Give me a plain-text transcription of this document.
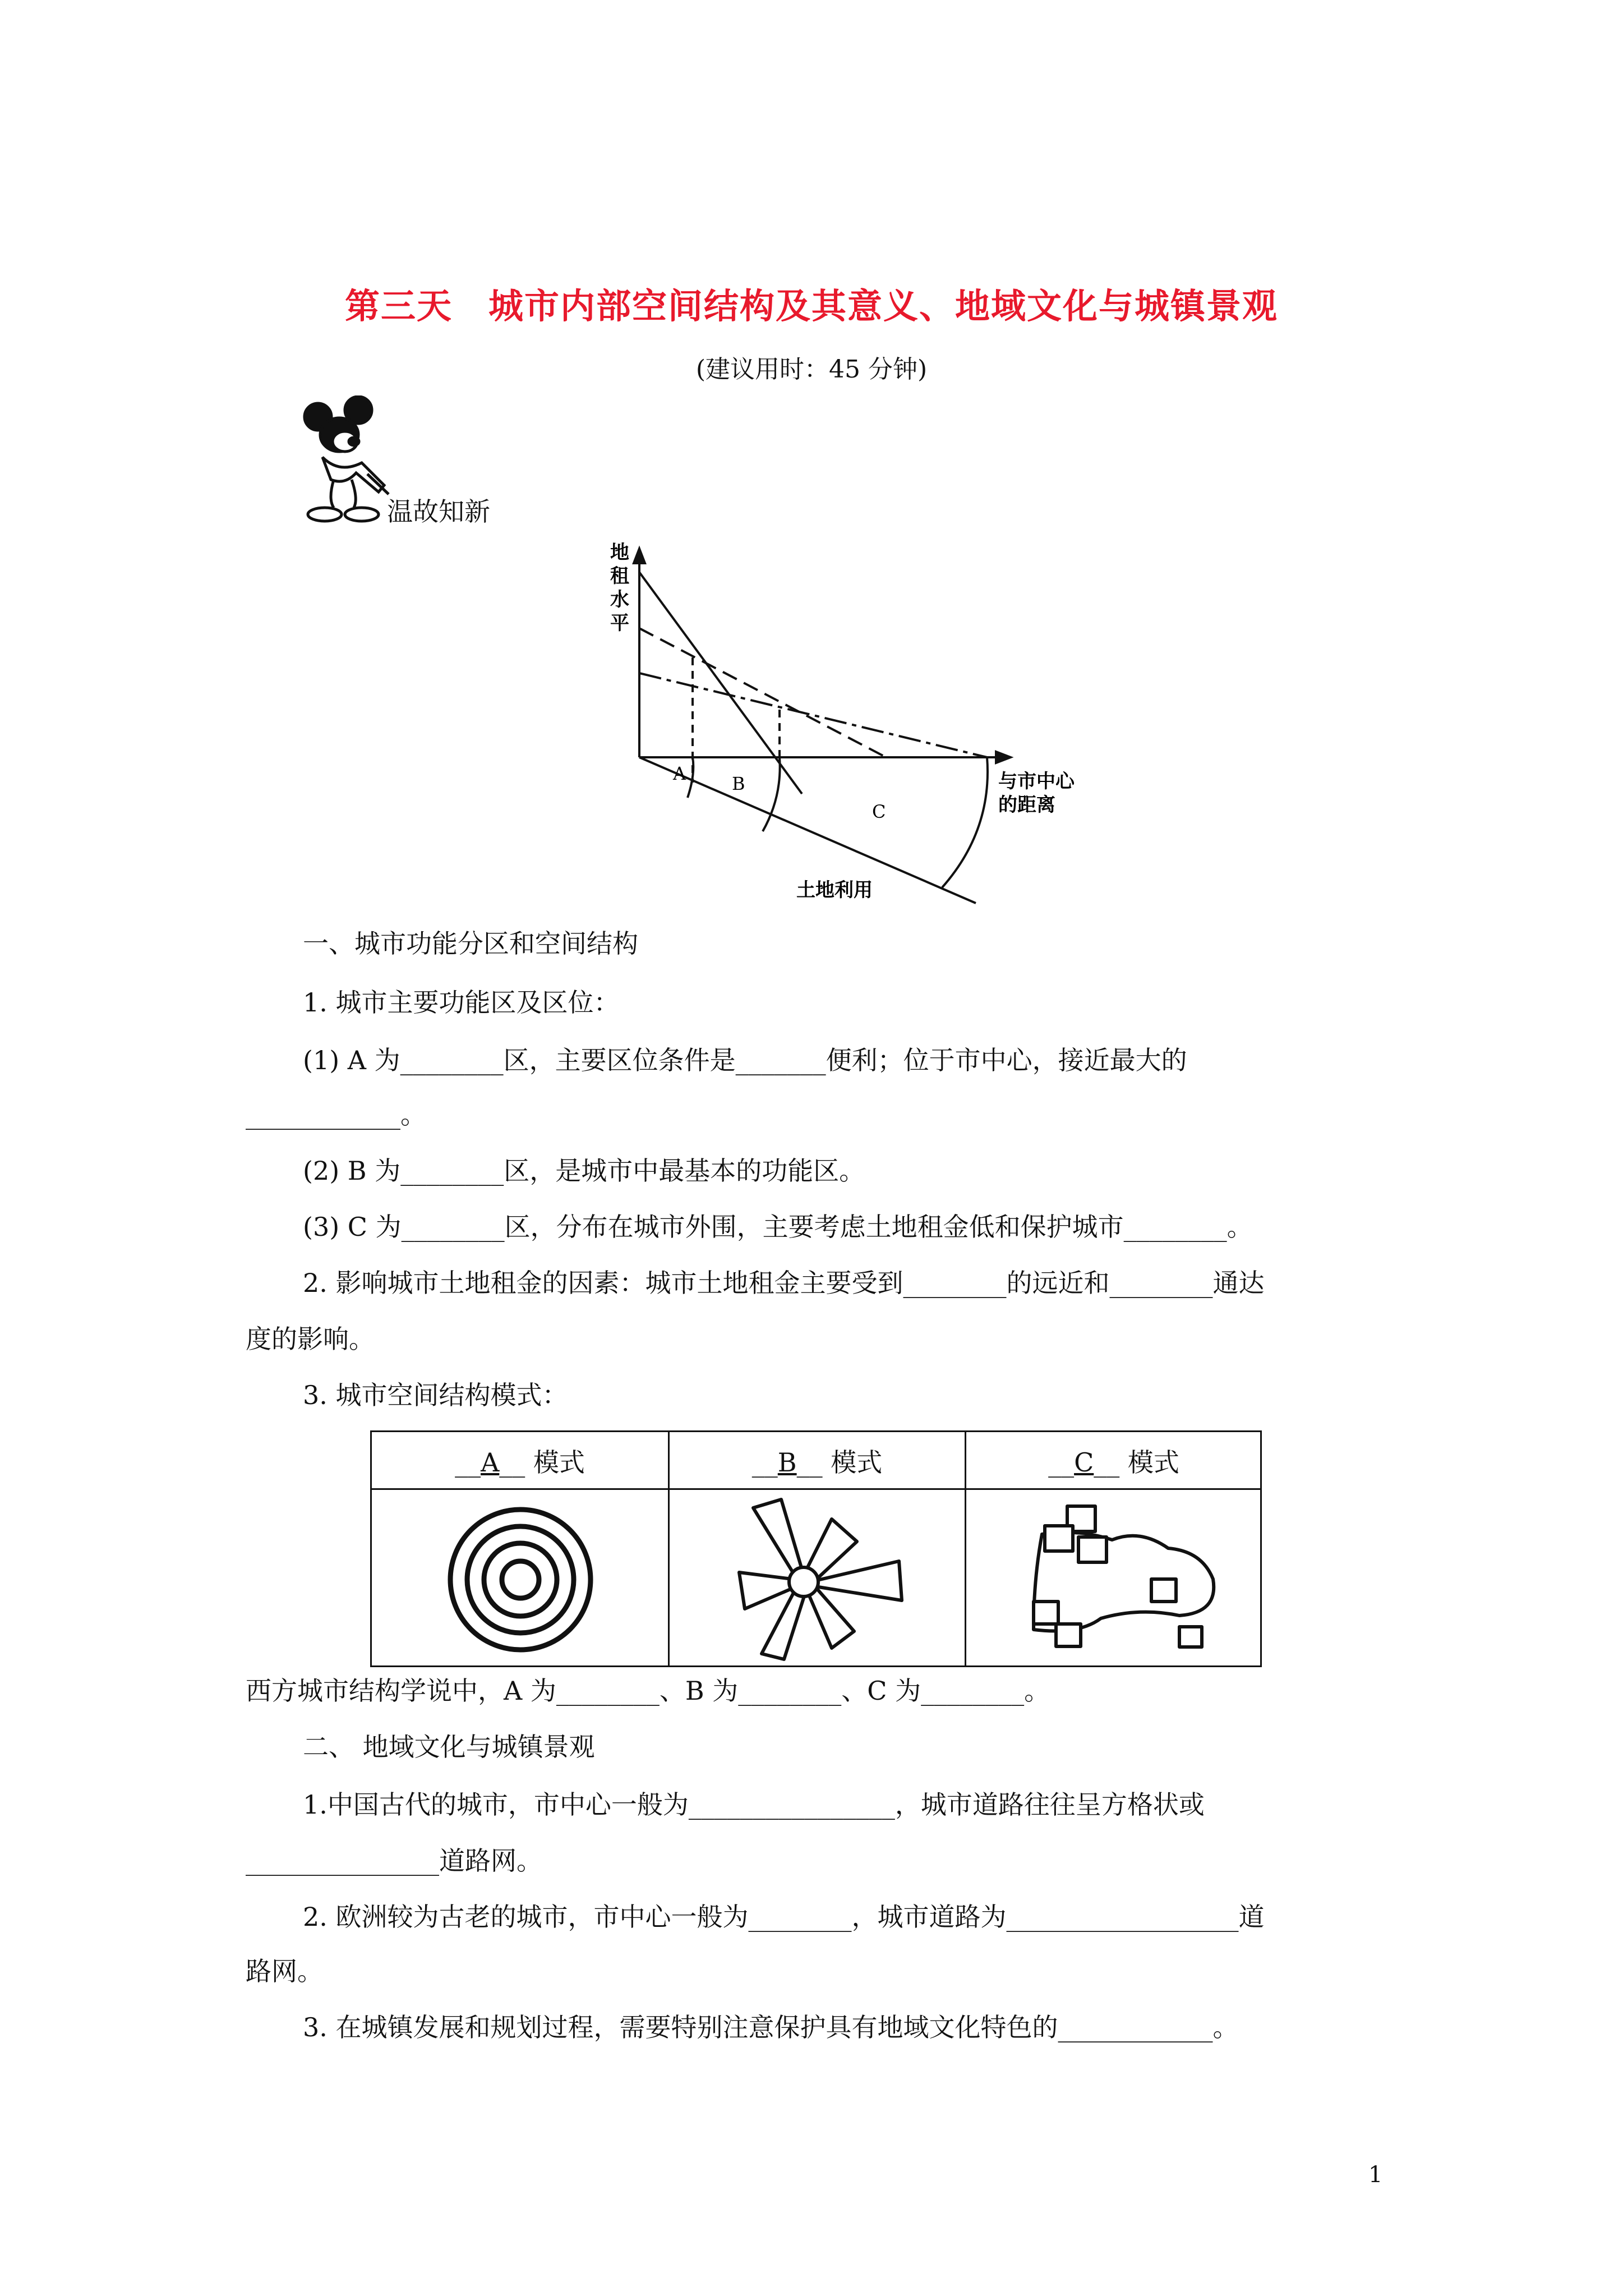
第三天　城市内部空间结构及其意义、地域文化与城镇景观
(建议用时：45 分钟)
温故知新
地
租
水
平
与市中心
的距离
A	B
C
土地利用
一、城市功能分区和空间结构
1. 城市主要功能区及区位：
(1) A 为________区，主要区位条件是_______便利；位于市中心，接近最大的
____________。
(2) B 为________区，是城市中最基本的功能区。
(3) C 为________区，分布在城市外围，主要考虑土地租金低和保护城市________。
2. 影响城市土地租金的因素：城市土地租金主要受到________的远近和________通达
度的影响。
3. 城市空间结构模式：
__A__ 模式	__B__ 模式	__C__ 模式
西方城市结构学说中，A 为________、B 为________、C 为________。
二、 地域文化与城镇景观
1.中国古代的城市，市中心一般为________________，城市道路往往呈方格状或
_______________道路网。
2. 欧洲较为古老的城市，市中心一般为________，城市道路为__________________道
路网。
3. 在城镇发展和规划过程，需要特别注意保护具有地域文化特色的____________。
1
